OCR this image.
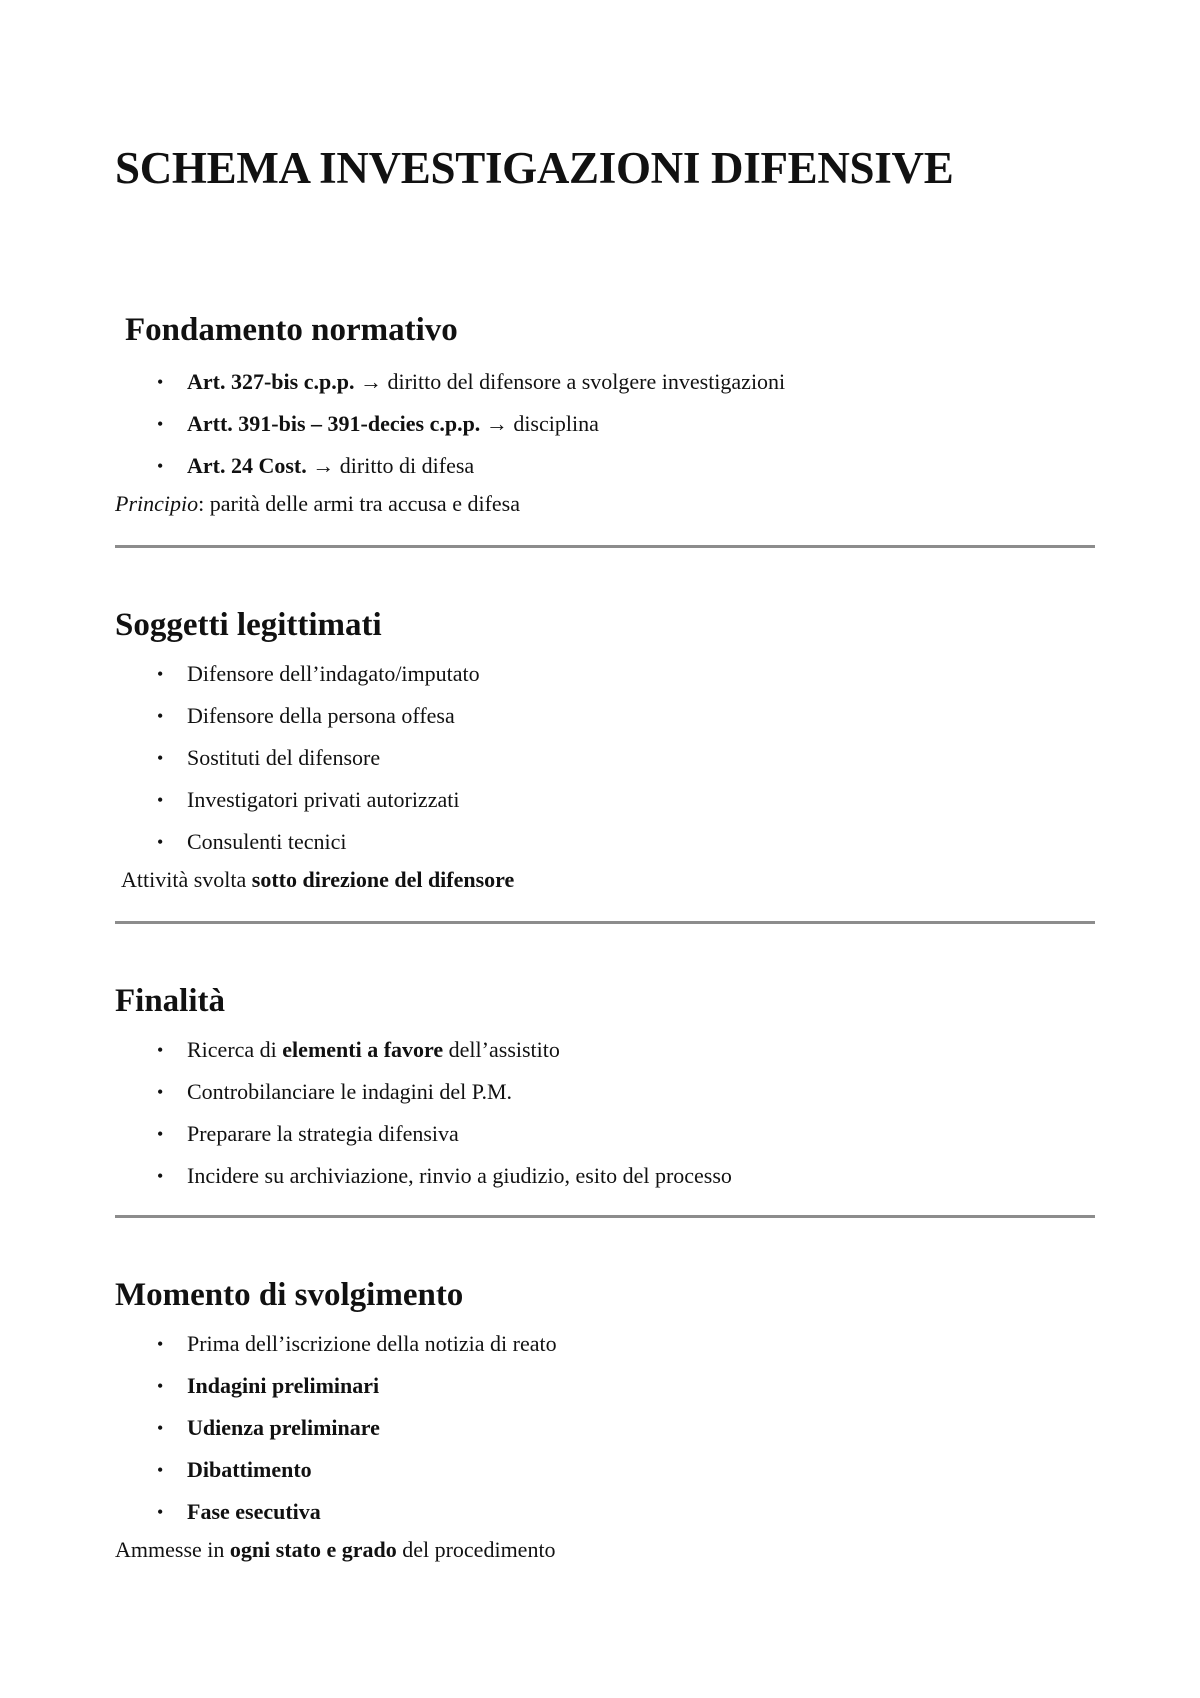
SCHEMA INVESTIGAZIONI DIFENSIVE
Fondamento normativo
• Art. 327-bis c.p.p. → diritto del difensore a svolgere investigazioni
• Artt. 391-bis – 391-decies c.p.p. → disciplina
• Art. 24 Cost. → diritto di difesa
Principio: parità delle armi tra accusa e difesa
Soggetti legittimati
• Difensore dell’indagato/imputato
• Difensore della persona offesa
• Sostituti del difensore
• Investigatori privati autorizzati
• Consulenti tecnici
Attività svolta sotto direzione del difensore
Finalità
• Ricerca di elementi a favore dell’assistito
• Controbilanciare le indagini del P.M.
• Preparare la strategia difensiva
• Incidere su archiviazione, rinvio a giudizio, esito del processo
Momento di svolgimento
• Prima dell’iscrizione della notizia di reato
• Indagini preliminari
• Udienza preliminare
• Dibattimento
• Fase esecutiva
Ammesse in ogni stato e grado del procedimento
